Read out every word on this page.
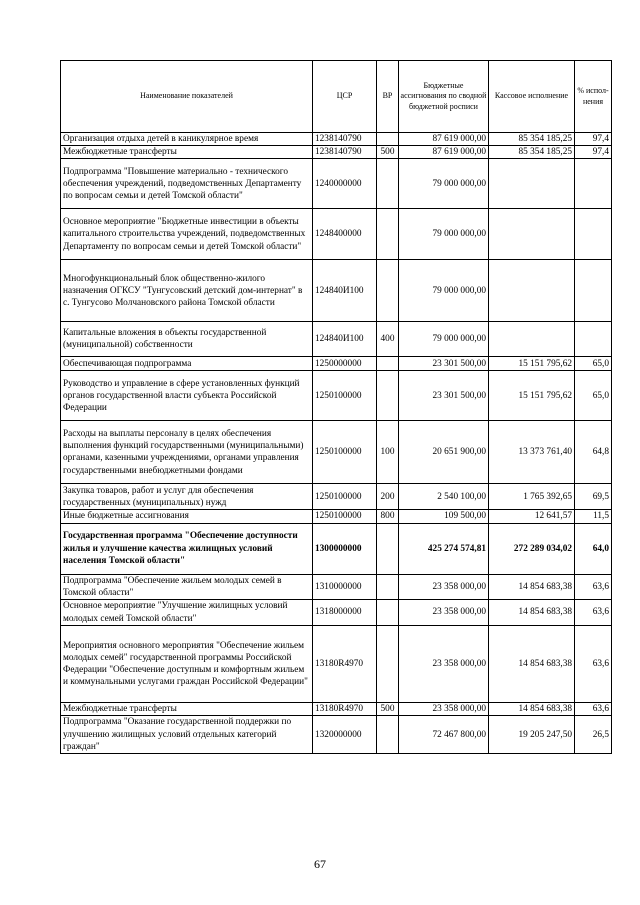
Наименование показателей	ЦСР	ВР	Бюджетные ассигнования по сводной бюджетной росписи	Кассовое исполнение	% испол-нения
Организация отдыха детей в каникулярное время	1238140790		87 619 000,00	85 354 185,25	97,4
Межбюджетные трансферты	1238140790	500	87 619 000,00	85 354 185,25	97,4
Подпрограмма "Повышение материально - технического обеспечения учреждений, подведомственных Департаменту по вопросам семьи и детей Томской области"	1240000000		79 000 000,00		
Основное мероприятие "Бюджетные инвестиции в объекты капитального строительства учреждений, подведомственных Департаменту по вопросам семьи и детей Томской области"	1248400000		79 000 000,00		
Многофункциональный блок общественно-жилого назначения ОГКСУ "Тунгусовский детский дом-интернат" в с. Тунгусово Молчановского района Томской области	124840И100		79 000 000,00		
Капитальные вложения в объекты государственной (муниципальной) собственности	124840И100	400	79 000 000,00		
Обеспечивающая подпрограмма	1250000000		23 301 500,00	15 151 795,62	65,0
Руководство и управление в сфере установленных функций органов государственной власти субъекта Российской Федерации	1250100000		23 301 500,00	15 151 795,62	65,0
Расходы на выплаты персоналу в целях обеспечения выполнения функций государственными (муниципальными) органами, казенными учреждениями, органами управления государственными внебюджетными фондами	1250100000	100	20 651 900,00	13 373 761,40	64,8
Закупка товаров, работ и услуг для обеспечения государственных (муниципальных) нужд	1250100000	200	2 540 100,00	1 765 392,65	69,5
Иные бюджетные ассигнования	1250100000	800	109 500,00	12 641,57	11,5
Государственная программа "Обеспечение доступности жилья и улучшение качества жилищных условий населения Томской области"	1300000000		425 274 574,81	272 289 034,02	64,0
Подпрограмма "Обеспечение жильем молодых семей в Томской области"	1310000000		23 358 000,00	14 854 683,38	63,6
Основное мероприятие "Улучшение жилищных условий молодых семей Томской области"	1318000000		23 358 000,00	14 854 683,38	63,6
Мероприятия основного мероприятия "Обеспечение жильем молодых семей" государственной программы Российской Федерации "Обеспечение доступным и комфортным жильем и коммунальными услугами граждан Российской Федерации"	13180R4970		23 358 000,00	14 854 683,38	63,6
Межбюджетные трансферты	13180R4970	500	23 358 000,00	14 854 683,38	63,6
Подпрограмма "Оказание государственной поддержки по улучшению жилищных условий отдельных категорий граждан"	1320000000		72 467 800,00	19 205 247,50	26,5
67
